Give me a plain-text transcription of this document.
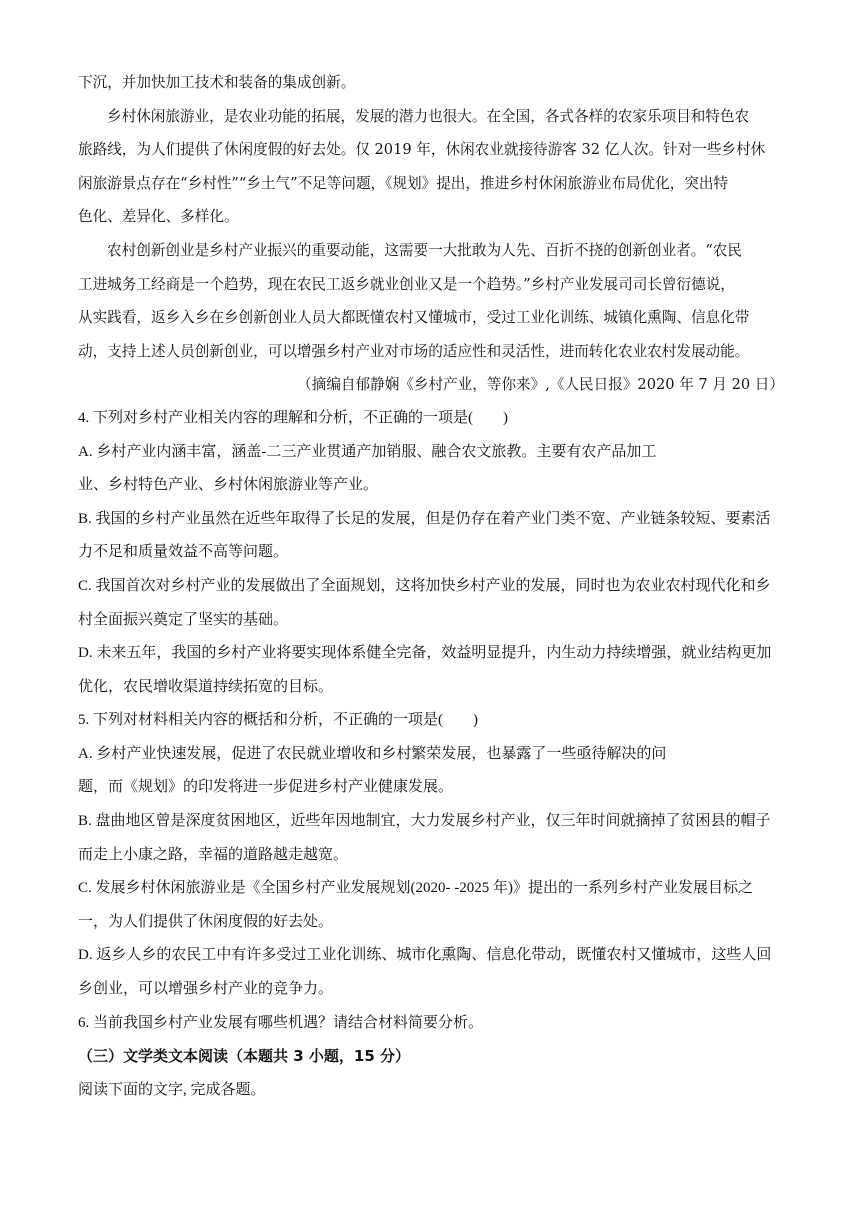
下沉，并加快加工技术和装备的集成创新。
乡村休闲旅游业，是农业功能的拓展，发展的潜力也很大。在全国，各式各样的农家乐项目和特色农
旅路线，为人们提供了休闲度假的好去处。仅 2019 年，休闲农业就接待游客 32 亿人次。针对一些乡村休
闲旅游景点存在“乡村性”“乡土气”不足等问题，《规划》提出，推进乡村休闲旅游业布局优化，突出特
色化、差异化、多样化。
农村创新创业是乡村产业振兴的重要动能，这需要一大批敢为人先、百折不挠的创新创业者。“农民
工进城务工经商是一个趋势，现在农民工返乡就业创业又是一个趋势。”乡村产业发展司司长曾衍德说，
从实践看，返乡入乡在乡创新创业人员大都既懂农村又懂城市，受过工业化训练、城镇化熏陶、信息化带
动，支持上述人员创新创业，可以增强乡村产业对市场的适应性和灵活性，进而转化农业农村发展动能。
（摘编自郁静娴《乡村产业，等你来》,《人民日报》2020 年 7 月 20 日）
4. 下列对乡村产业相关内容的理解和分析，不正确的一项是(　　)
A. 乡村产业内涵丰富，涵盖-二三产业贯通产加销服、融合农文旅教。主要有农产品加工
业、乡村特色产业、乡村休闲旅游业等产业。
B. 我国的乡村产业虽然在近些年取得了长足的发展，但是仍存在着产业门类不宽、产业链条较短、要素活
力不足和质量效益不高等问题。
C. 我国首次对乡村产业的发展做出了全面规划，这将加快乡村产业的发展，同时也为农业农村现代化和乡
村全面振兴奠定了坚实的基础。
D. 未来五年，我国的乡村产业将要实现体系健全完备，效益明显提升，内生动力持续增强，就业结构更加
优化，农民增收渠道持续拓宽的目标。
5. 下列对材料相关内容的概括和分析，不正确的一项是(　　)
A. 乡村产业快速发展，促进了农民就业增收和乡村繁荣发展，也暴露了一些亟待解决的问
题，而《规划》的印发将进一步促进乡村产业健康发展。
B. 盘曲地区曾是深度贫困地区，近些年因地制宜，大力发展乡村产业，仅三年时间就摘掉了贫困县的帽子
而走上小康之路，幸福的道路越走越宽。
C. 发展乡村休闲旅游业是《全国乡村产业发展规划(2020- -2025 年)》提出的一系列乡村产业发展目标之
一，为人们提供了休闲度假的好去处。
D. 返乡人乡的农民工中有许多受过工业化训练、城市化熏陶、信息化带动，既懂农村又懂城市，这些人回
乡创业，可以增强乡村产业的竞争力。
6. 当前我国乡村产业发展有哪些机遇？请结合材料简要分析。
（三）文学类文本阅读（本题共 3 小题，15 分）
阅读下面的文字, 完成各题。
